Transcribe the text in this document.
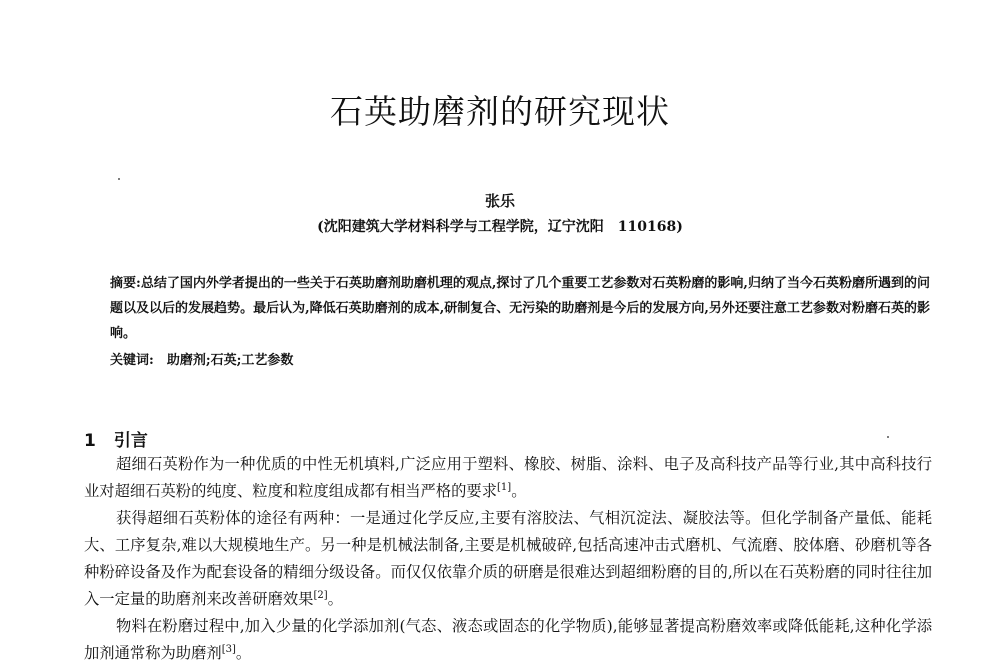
石英助磨剂的研究现状
张乐
(沈阳建筑大学材料科学与工程学院，辽宁沈阳　110168)
摘要:总结了国内外学者提出的一些关于石英助磨剂助磨机理的观点,探讨了几个重要工艺参数对石英粉磨的影响,归纳了当今石英粉磨所遇到的问题以及以后的发展趋势。最后认为,降低石英助磨剂的成本,研制复合、无污染的助磨剂是今后的发展方向,另外还要注意工艺参数对粉磨石英的影响。
关键词:　助磨剂;石英;工艺参数
1 引言

超细石英粉作为一种优质的中性无机填料,广泛应用于塑料、橡胶、树脂、涂料、电子及高科技产品等行业,其中高科技行业对超细石英粉的纯度、粒度和粒度组成都有相当严格的要求[1]。

获得超细石英粉体的途径有两种：一是通过化学反应,主要有溶胶法、气相沉淀法、凝胶法等。但化学制备产量低、能耗大、工序复杂,难以大规模地生产。另一种是机械法制备,主要是机械破碎,包括高速冲击式磨机、气流磨、胶体磨、砂磨机等各种粉碎设备及作为配套设备的精细分级设备。而仅仅依靠介质的研磨是很难达到超细粉磨的目的,所以在石英粉磨的同时往往加入一定量的助磨剂来改善研磨效果[2]。

物料在粉磨过程中,加入少量的化学添加剂(气态、液态或固态的化学物质),能够显著提高粉磨效率或降低能耗,这种化学添加剂通常称为助磨剂[3]。
